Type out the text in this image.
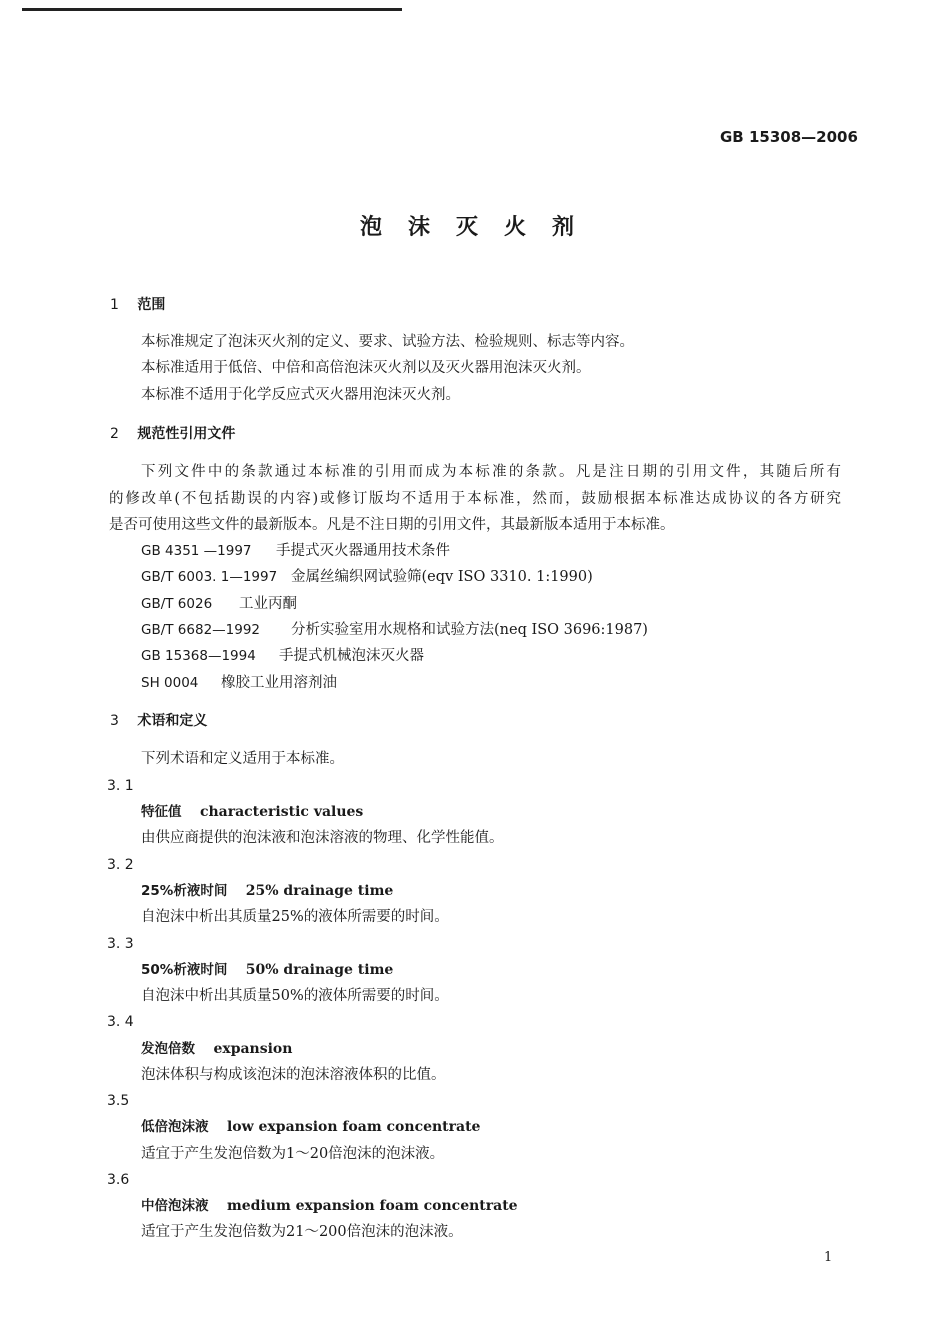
GB 15308—2006
泡沫灭火剂
1 范围
本标准规定了泡沫灭火剂的定义、要求、试验方法、检验规则、标志等内容。
本标准适用于低倍、中倍和高倍泡沫灭火剂以及灭火器用泡沫灭火剂。
本标准不适用于化学反应式灭火器用泡沫灭火剂。
2 规范性引用文件
下列文件中的条款通过本标准的引用而成为本标准的条款。凡是注日期的引用文件，其随后所有
的修改单(不包括勘误的内容)或修订版均不适用于本标准，然而，鼓励根据本标准达成协议的各方研究
是否可使用这些文件的最新版本。凡是不注日期的引用文件，其最新版本适用于本标准。
GB 4351 —1997 手提式灭火器通用技术条件
GB/T 6003. 1—1997 金属丝编织网试验筛(eqv ISO 3310. 1:1990)
GB/T 6026 工业丙酮
GB/T 6682—1992 分析实验室用水规格和试验方法(neq ISO 3696:1987)
GB 15368—1994 手提式机械泡沫灭火器
SH 0004 橡胶工业用溶剂油
3 术语和定义
下列术语和定义适用于本标准。
3. 1
特征值 characteristic values
由供应商提供的泡沫液和泡沫溶液的物理、化学性能值。
3. 2
25%析液时间 25% drainage time
自泡沫中析出其质量25%的液体所需要的时间。
3. 3
50%析液时间 50% drainage time
自泡沫中析出其质量50%的液体所需要的时间。
3. 4
发泡倍数 expansion
泡沫体积与构成该泡沫的泡沫溶液体积的比值。
3.5
低倍泡沫液 low expansion foam concentrate
适宜于产生发泡倍数为1～20倍泡沫的泡沫液。
3.6
中倍泡沫液 medium expansion foam concentrate
适宜于产生发泡倍数为21～200倍泡沫的泡沫液。
1
